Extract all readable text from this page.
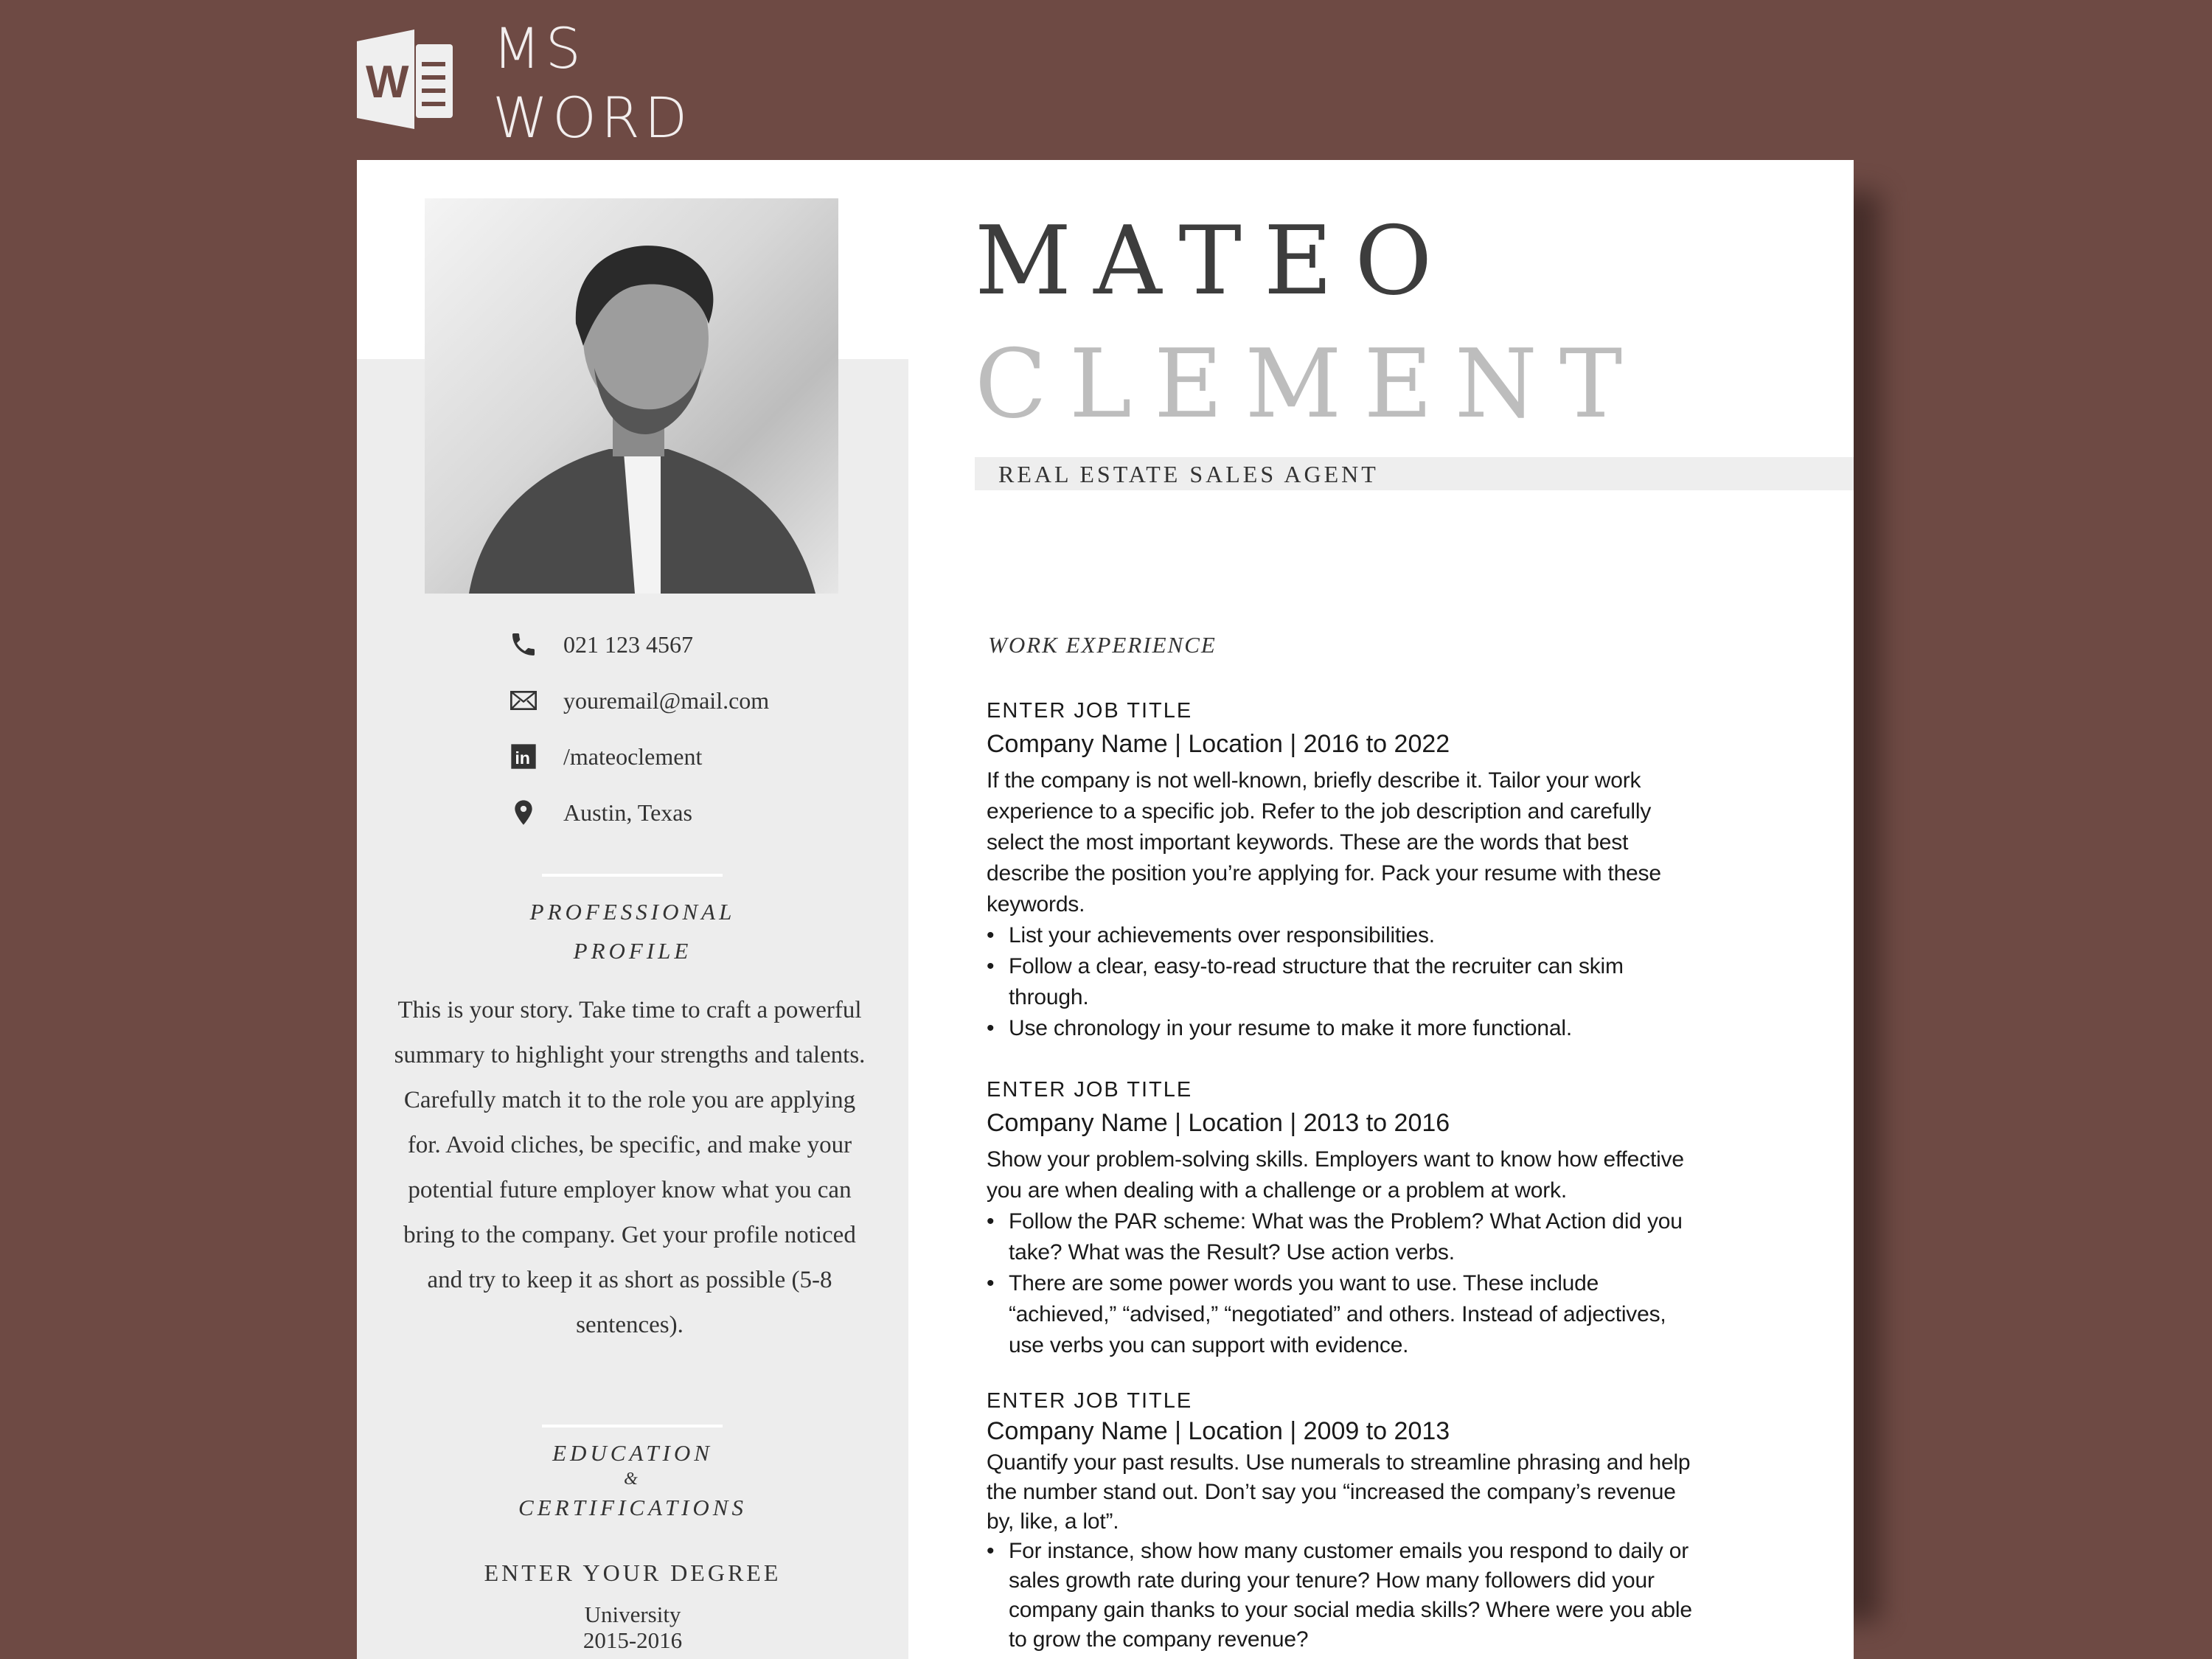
W
MS
WORD
021 123 4567
youremail@mail.com
in /mateoclement
Austin, Texas
PROFESSIONAL
PROFILE
This is your story. Take time to craft a powerful summary to highlight your strengths and talents. Carefully match it to the role you are applying for. Avoid cliches, be specific, and make your potential future employer know what you can bring to the company. Get your profile noticed and try to keep it as short as possible (5-8 sentences).
EDUCATION
&
CERTIFICATIONS
ENTER YOUR DEGREE
University
2015-2016
MATEO
CLEMENT
REAL ESTATE SALES AGENT
WORK EXPERIENCE
ENTER JOB TITLE
Company Name | Location | 2016 to 2022
If the company is not well-known, briefly describe it. Tailor your work
experience to a specific job. Refer to the job description and carefully
select the most important keywords. These are the words that best
describe the position you’re applying for. Pack your resume with these
keywords.
• List your achievements over responsibilities.
• Follow a clear, easy-to-read structure that the recruiter can skim
through.
• Use chronology in your resume to make it more functional.
ENTER JOB TITLE
Company Name | Location | 2013 to 2016
Show your problem-solving skills. Employers want to know how effective
you are when dealing with a challenge or a problem at work.
• Follow the PAR scheme: What was the Problem? What Action did you
take? What was the Result? Use action verbs.
• There are some power words you want to use. These include
“achieved,” “advised,” “negotiated” and others. Instead of adjectives,
use verbs you can support with evidence.
ENTER JOB TITLE
Company Name | Location | 2009 to 2013
Quantify your past results. Use numerals to streamline phrasing and help
the number stand out. Don’t say you “increased the company’s revenue
by, like, a lot”.
• For instance, show how many customer emails you respond to daily or
sales growth rate during your tenure? How many followers did your
company gain thanks to your social media skills? Where were you able
to grow the company revenue?
